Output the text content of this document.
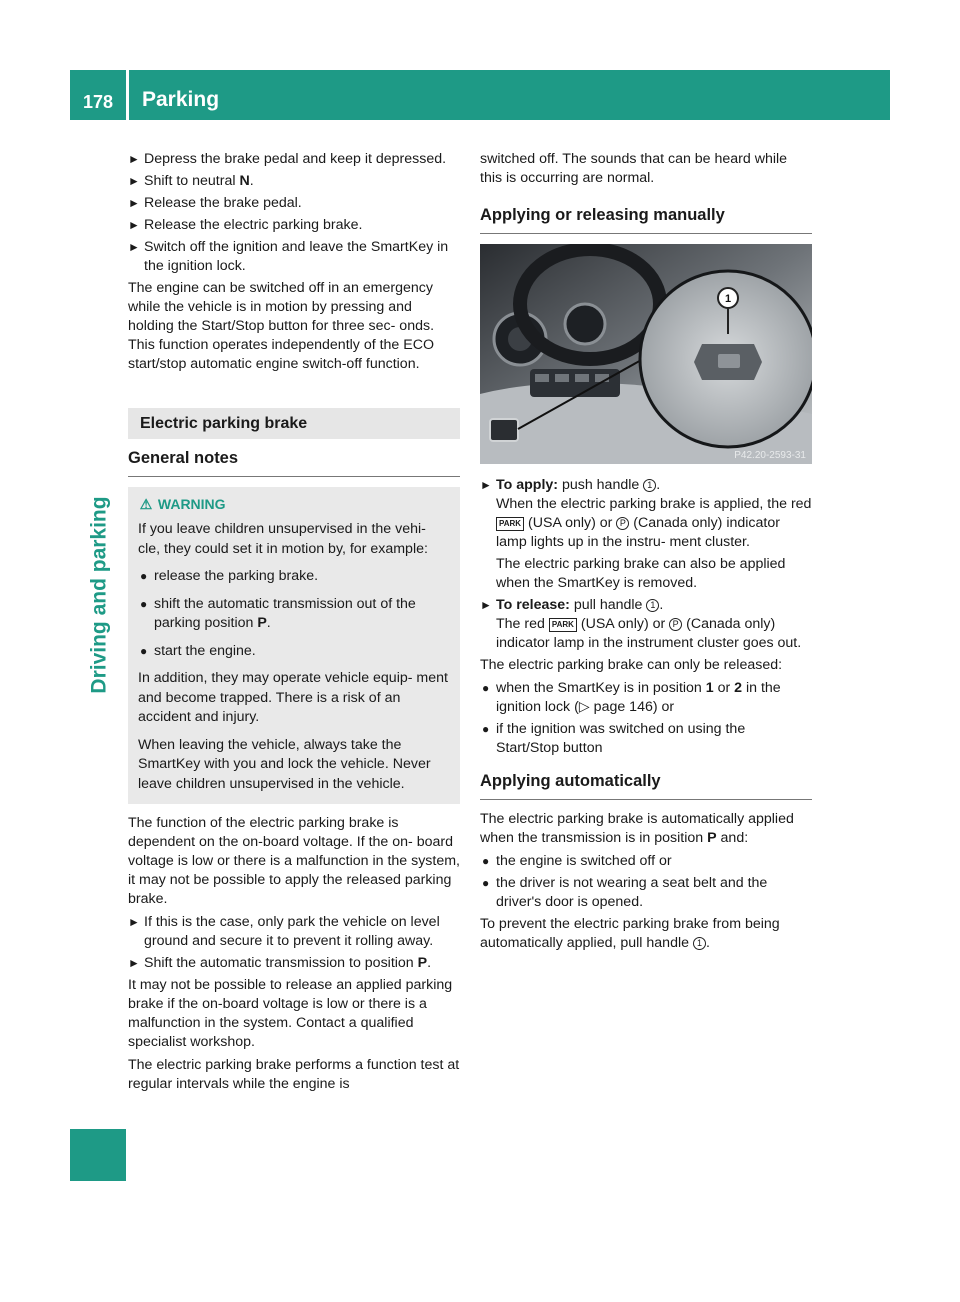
178	Parking
Driving and parking
► Depress the brake pedal and keep it depressed.
► Shift to neutral N.
► Release the brake pedal.
► Release the electric parking brake.
► Switch off the ignition and leave the SmartKey in the ignition lock.

The engine can be switched off in an emergency while the vehicle is in motion by pressing and holding the Start/Stop button for three sec- onds. This function operates independently of the ECO start/stop automatic engine switch-off function.

Electric parking brake
General notes
⚠ WARNING

If you leave children unsupervised in the vehi- cle, they could set it in motion by, for example:

● release the parking brake.
● shift the automatic transmission out of the parking position P.
● start the engine.

In addition, they may operate vehicle equip- ment and become trapped. There is a risk of an accident and injury.

When leaving the vehicle, always take the SmartKey with you and lock the vehicle. Never leave children unsupervised in the vehicle.

The function of the electric parking brake is dependent on the on-board voltage. If the on- board voltage is low or there is a malfunction in the system, it may not be possible to apply the released parking brake.

► If this is the case, only park the vehicle on level ground and secure it to prevent it rolling away.
► Shift the automatic transmission to position P.

It may not be possible to release an applied parking brake if the on-board voltage is low or there is a malfunction in the system. Contact a qualified specialist workshop.

The electric parking brake performs a function test at regular intervals while the engine is

switched off. The sounds that can be heard while this is occurring are normal.

Applying or releasing manually
1
P42.20-2593-31
► To apply: push handle 1 .
When the electric parking brake is applied, the red PARK (USA only) or P (Canada only) indicator lamp lights up in the instru- ment cluster.

The electric parking brake can also be applied when the SmartKey is removed.

► To release: pull handle 1 .
The red PARK (USA only) or P (Canada only) indicator lamp in the instrument cluster goes out.

The electric parking brake can only be released:

● when the SmartKey is in position 1 or 2 in the ignition lock (▷ page 146) or
● if the ignition was switched on using the Start/Stop button
Applying automatically

The electric parking brake is automatically applied when the transmission is in position P and:

● the engine is switched off or
● the driver is not wearing a seat belt and the driver's door is opened.

To prevent the electric parking brake from being automatically applied, pull handle 1 .
